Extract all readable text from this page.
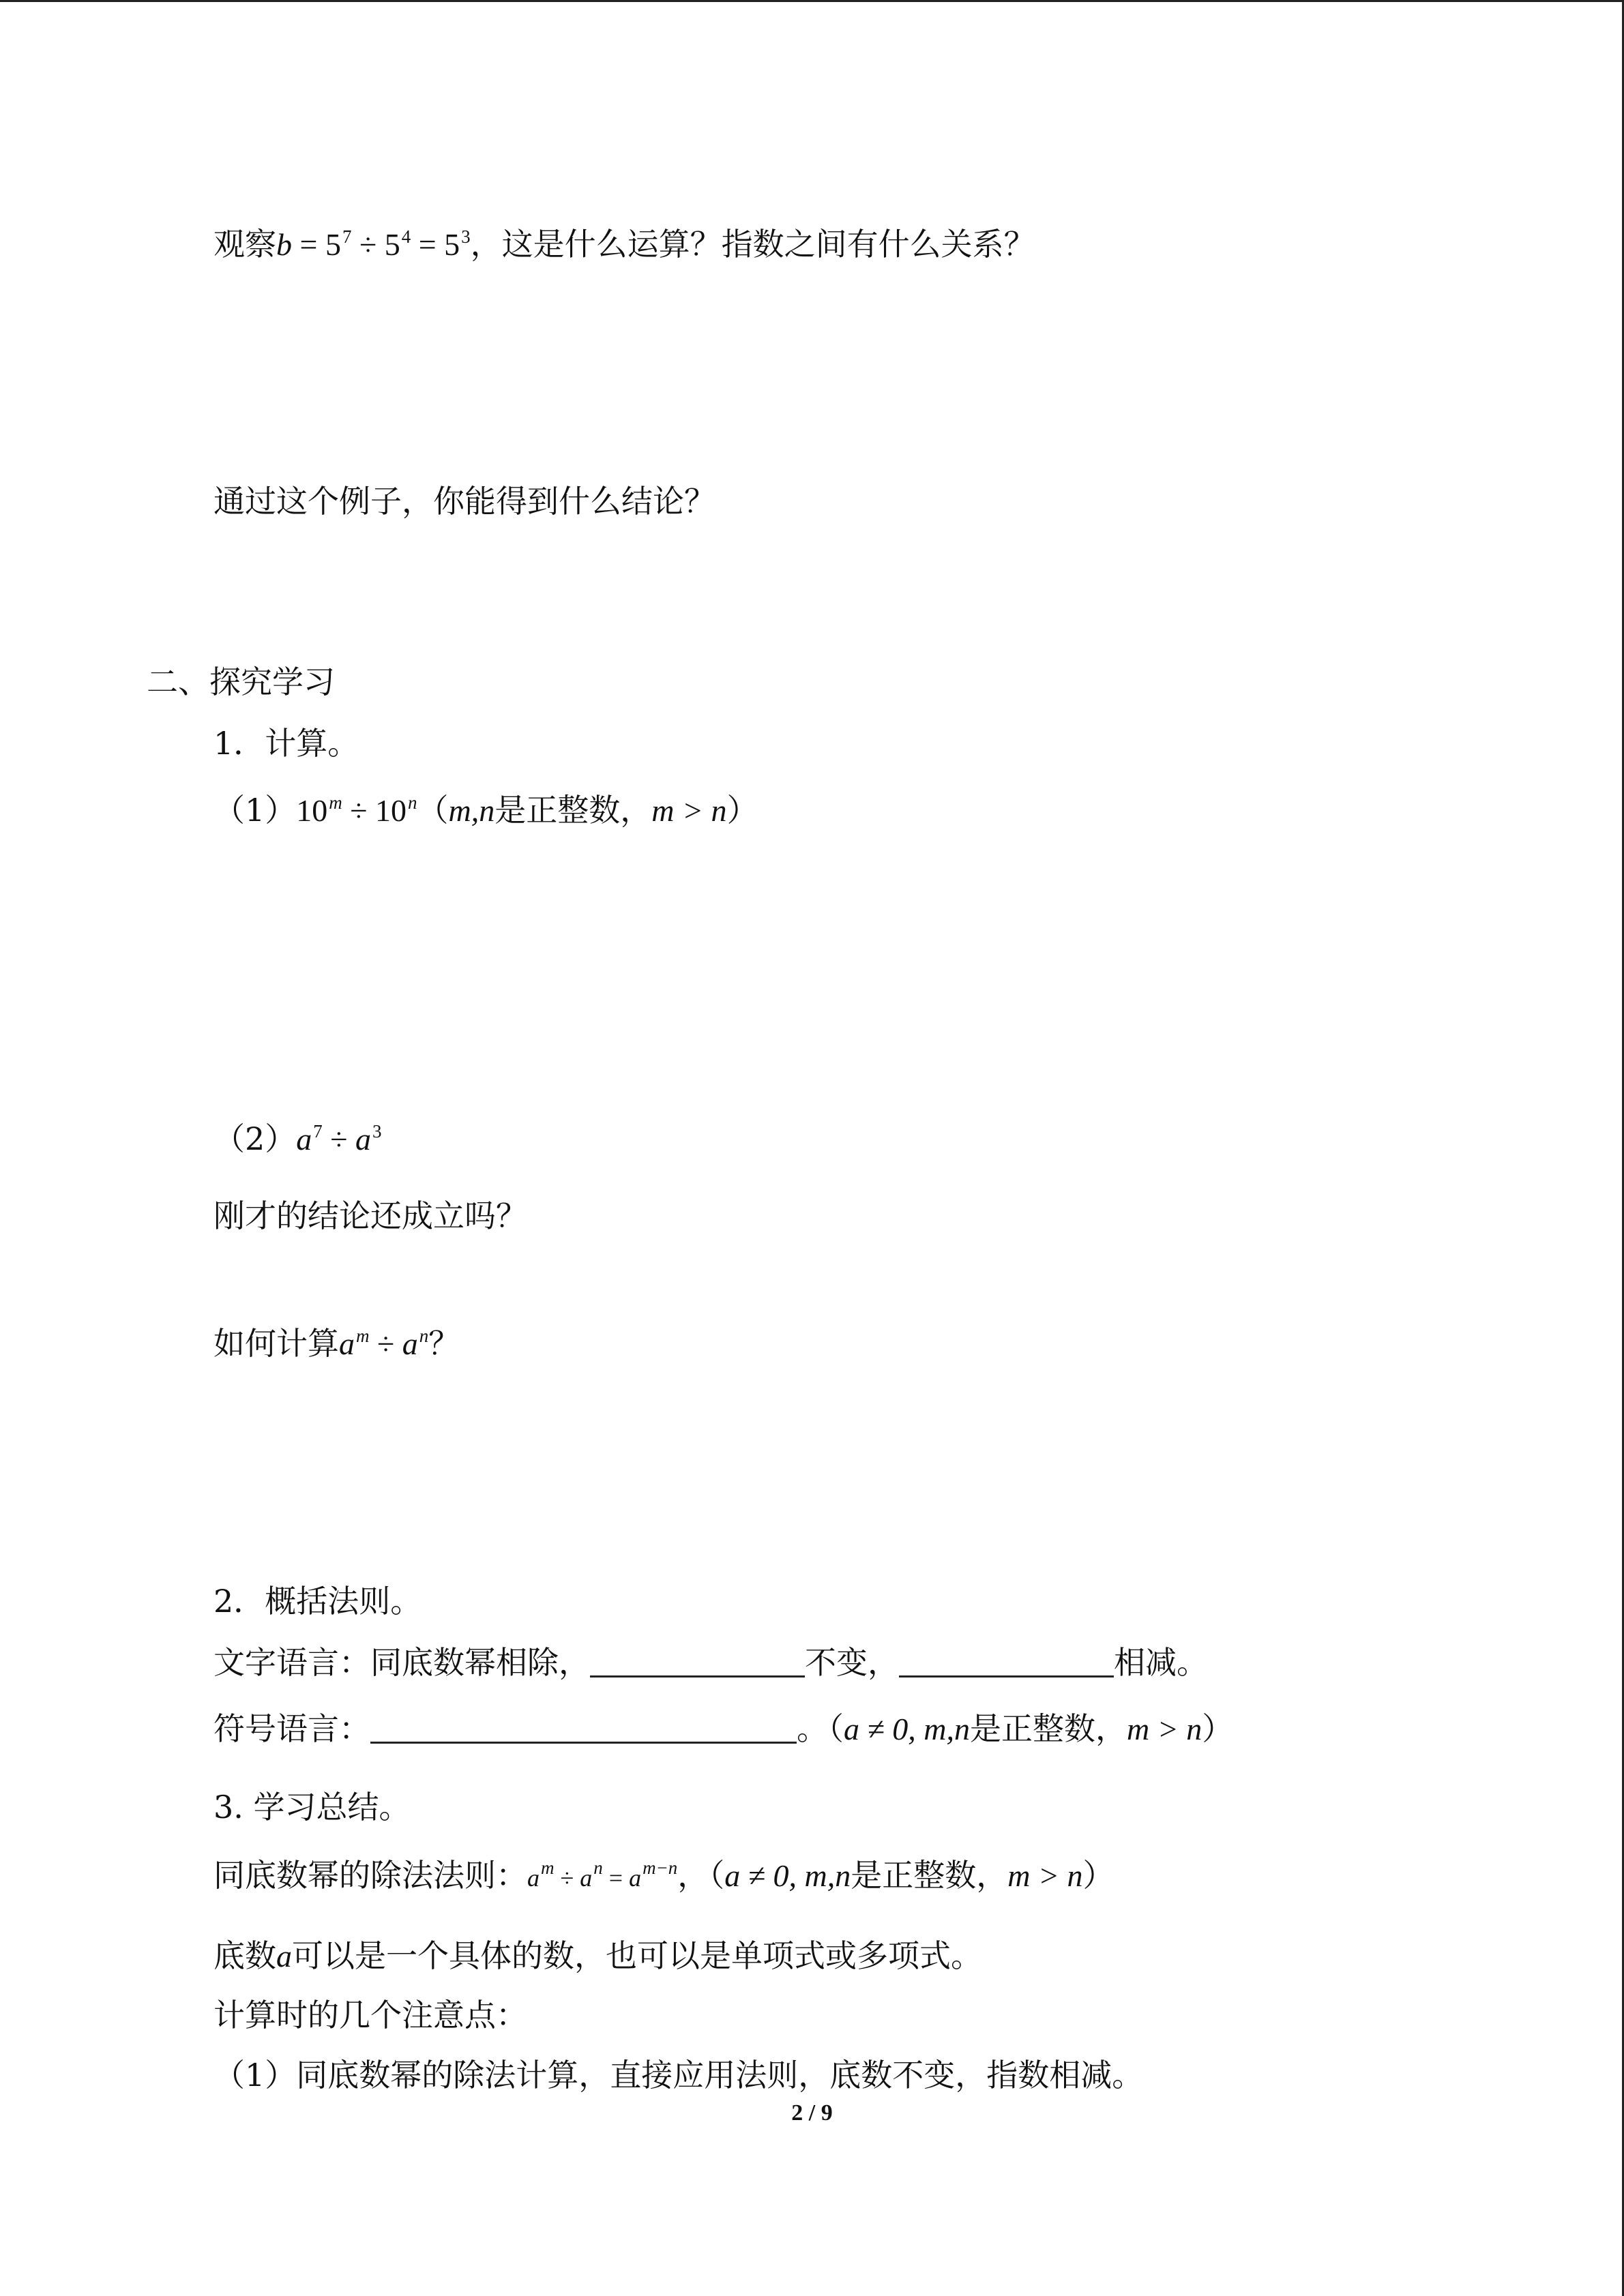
观察$b = 5^7 \div 5^4 = 5^3$，这是什么运算？指数之间有什么关系？
通过这个例子，你能得到什么结论？
二、探究学习
1．计算。
$(1)10^m \div 10^n(m,n$是正整数，m > n）
$(2)a^7 \div a^3$
刚才的结论还成立吗？
如何计算$a^m \div a^n$？
2．概括法则。
文字语言：同底数幂相除，	不变，	相减。
符号语言：	。（a ≠ 0, m,n是正整数，m > n）
3. 学习总结。
同底数幂的除法法则：$a^m \div a^n = a^{m-n}$，（a ≠ 0, m,n是正整数，m > n）
底数a可以是一个具体的数，也可以是单项式或多项式。
计算时的几个注意点：
（1）同底数幂的除法计算，直接应用法则，底数不变，指数相减。
2 / 9
